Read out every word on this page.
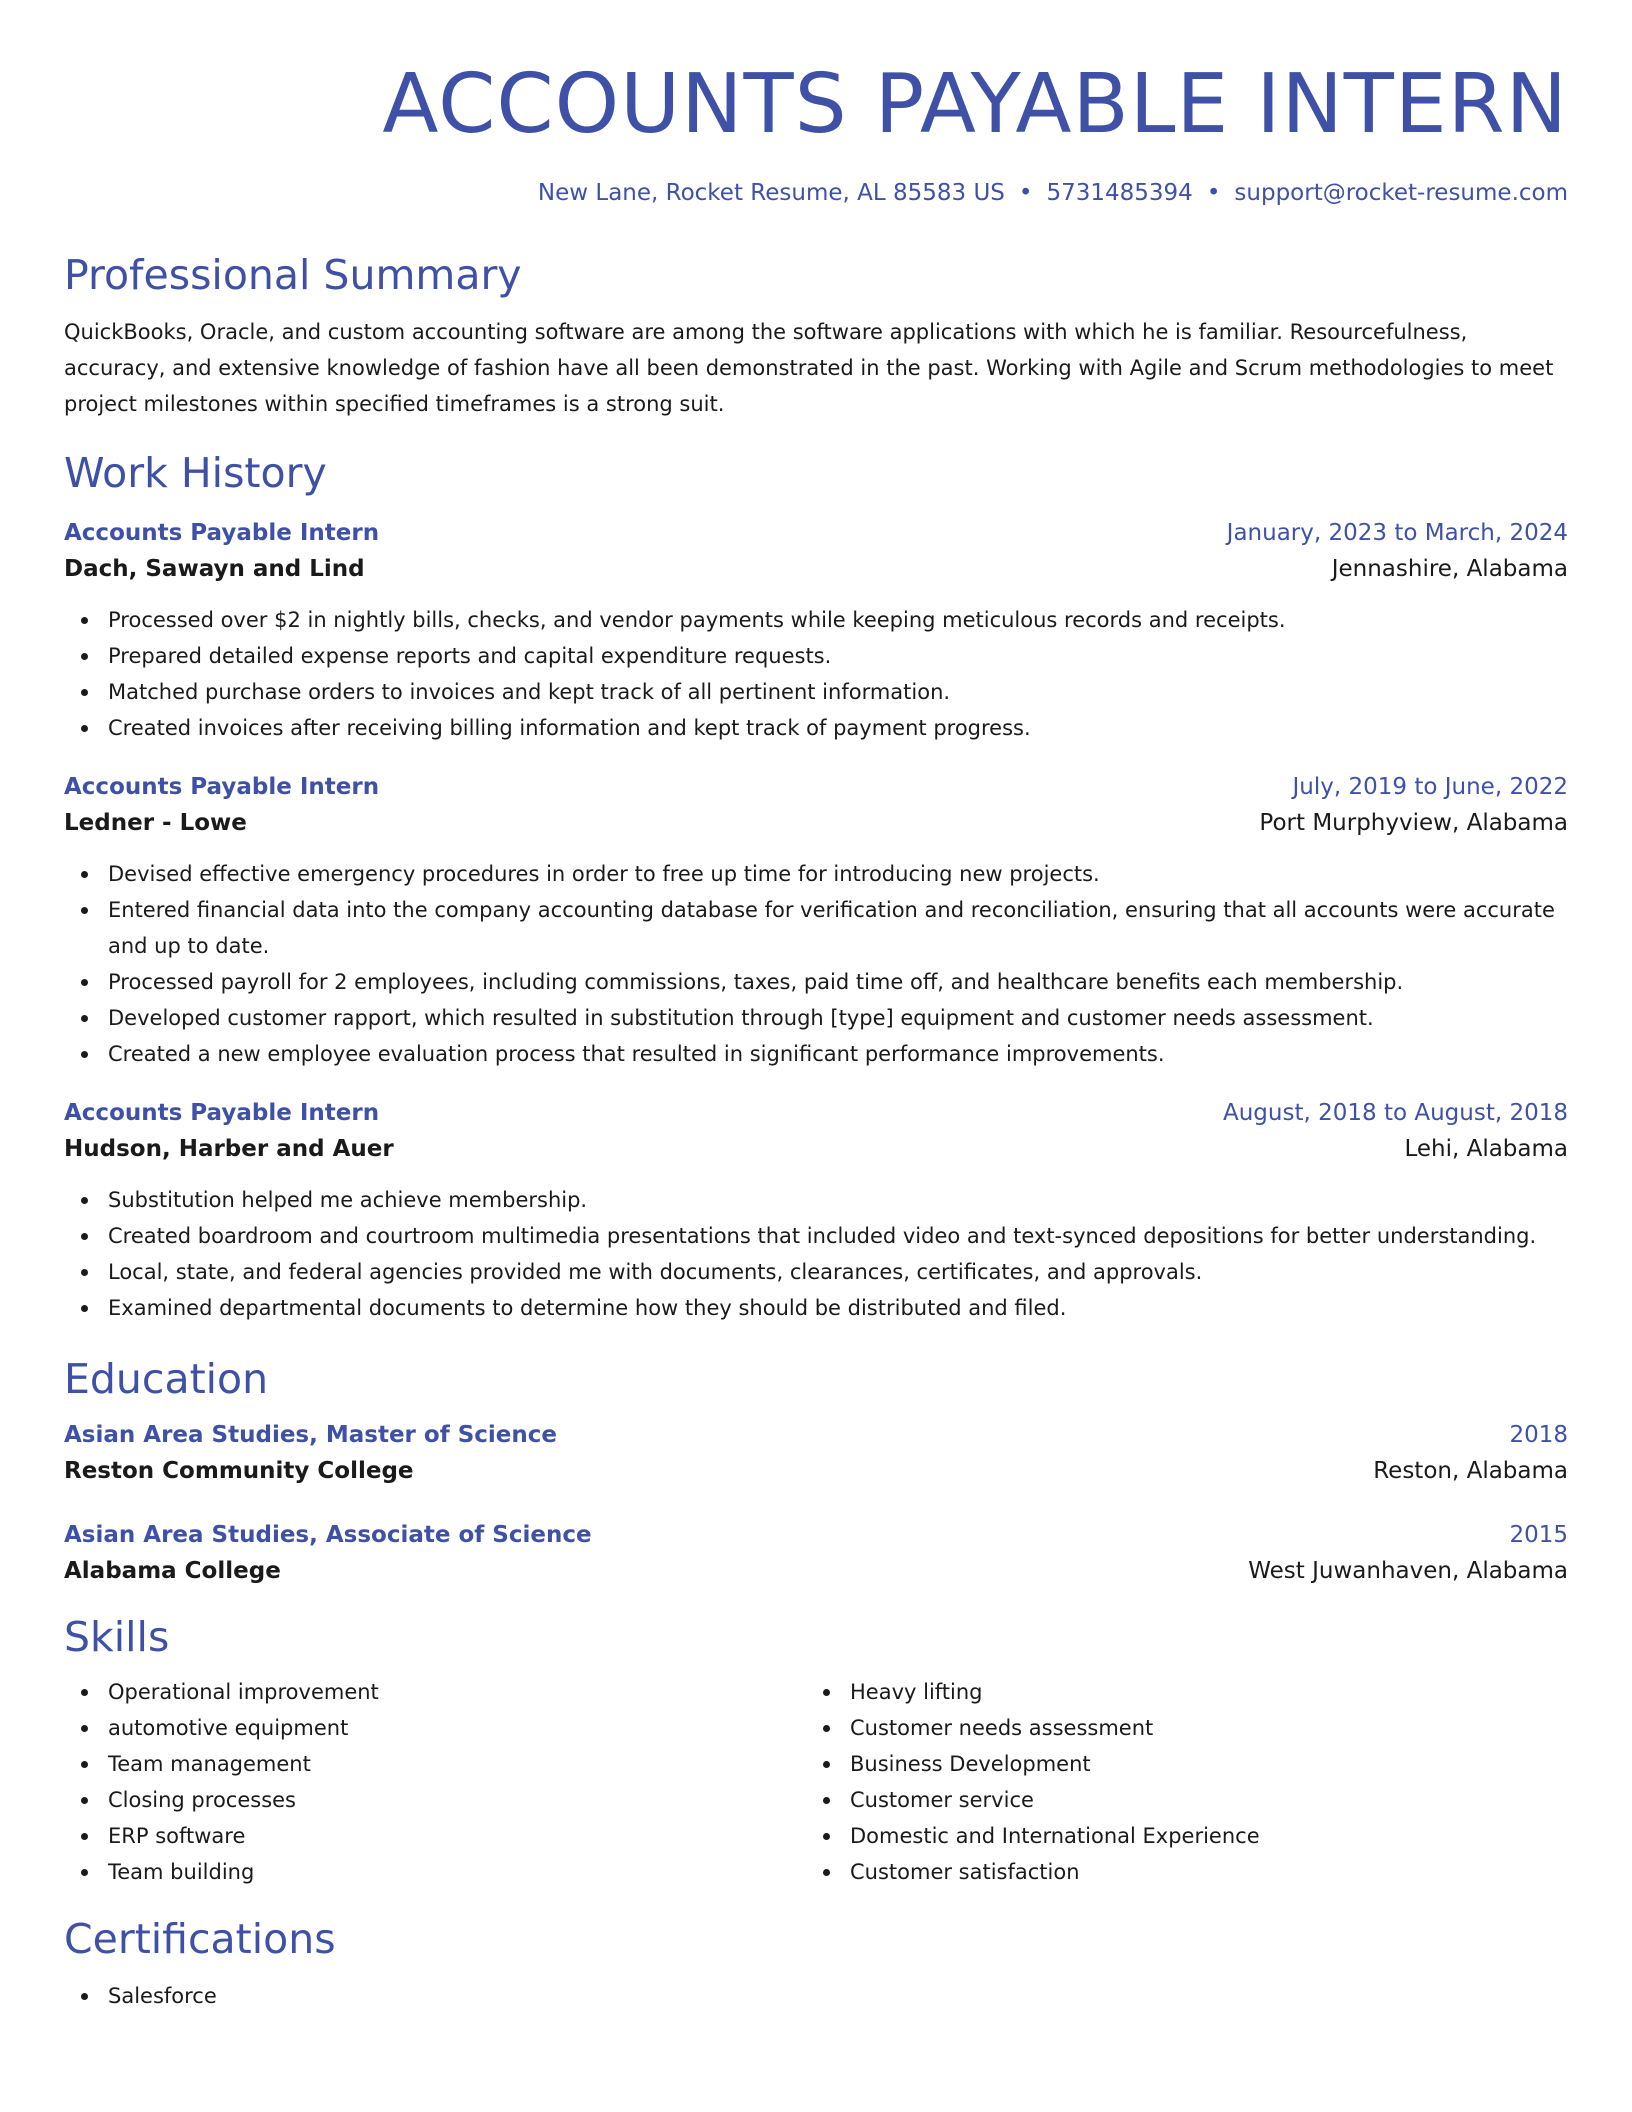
ACCOUNTS PAYABLE INTERN
New Lane, Rocket Resume, AL 85583 US • 5731485394 • support@rocket-resume.com
Professional Summary
QuickBooks, Oracle, and custom accounting software are among the software applications with which he is familiar. Resourcefulness, accuracy, and extensive knowledge of fashion have all been demonstrated in the past. Working with Agile and Scrum methodologies to meet project milestones within specified timeframes is a strong suit.
Work History
Accounts Payable Intern	January, 2023 to March, 2024
Dach, Sawayn and Lind	Jennashire, Alabama
Processed over $2 in nightly bills, checks, and vendor payments while keeping meticulous records and receipts.
Prepared detailed expense reports and capital expenditure requests.
Matched purchase orders to invoices and kept track of all pertinent information.
Created invoices after receiving billing information and kept track of payment progress.
Accounts Payable Intern	July, 2019 to June, 2022
Ledner - Lowe	Port Murphyview, Alabama
Devised effective emergency procedures in order to free up time for introducing new projects.
Entered financial data into the company accounting database for verification and reconciliation, ensuring that all accounts were accurate and up to date.
Processed payroll for 2 employees, including commissions, taxes, paid time off, and healthcare benefits each membership.
Developed customer rapport, which resulted in substitution through [type] equipment and customer needs assessment.
Created a new employee evaluation process that resulted in significant performance improvements.
Accounts Payable Intern	August, 2018 to August, 2018
Hudson, Harber and Auer	Lehi, Alabama
Substitution helped me achieve membership.
Created boardroom and courtroom multimedia presentations that included video and text-synced depositions for better understanding.
Local, state, and federal agencies provided me with documents, clearances, certificates, and approvals.
Examined departmental documents to determine how they should be distributed and filed.
Education
Asian Area Studies, Master of Science	2018
Reston Community College	Reston, Alabama
Asian Area Studies, Associate of Science	2015
Alabama College	West Juwanhaven, Alabama
Skills
Operational improvement
automotive equipment
Team management
Closing processes
ERP software
Team building
Heavy lifting
Customer needs assessment
Business Development
Customer service
Domestic and International Experience
Customer satisfaction
Certifications
Salesforce
